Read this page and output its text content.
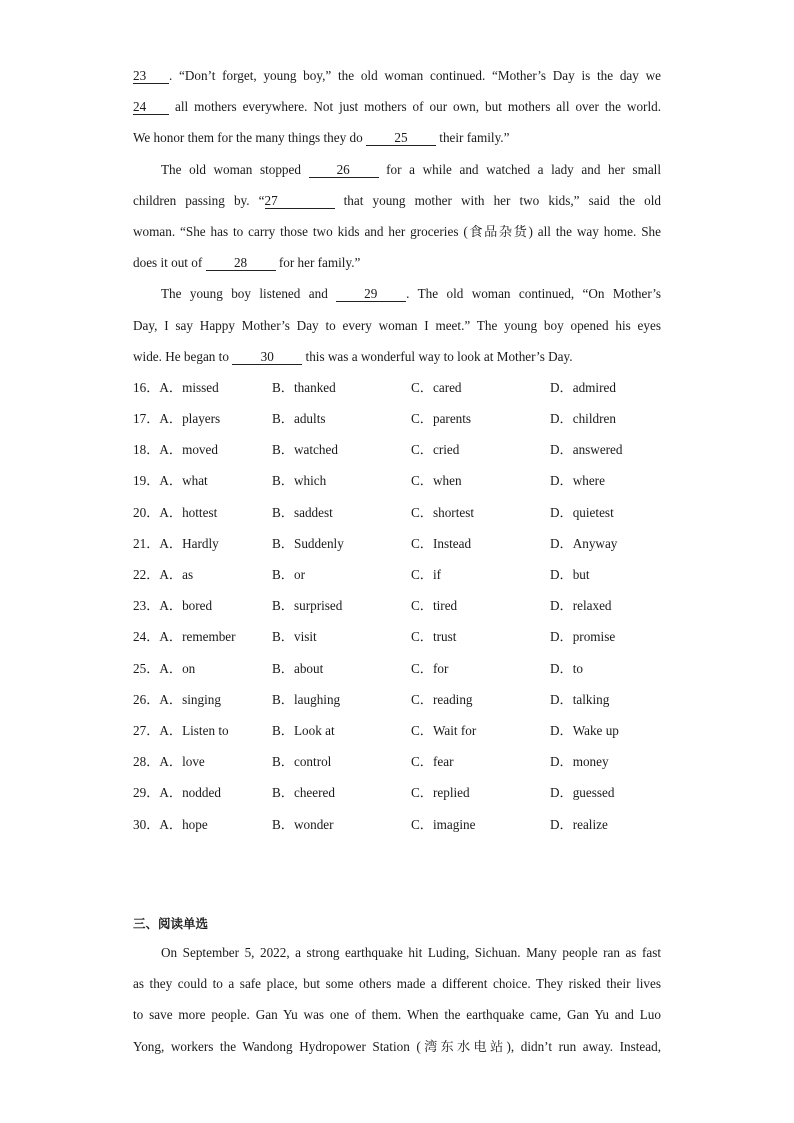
23 . “Don’t forget, young boy,” the old woman continued. “Mother’s Day is the day we
24 all mothers everywhere. Not just mothers of our own, but mothers all over the world.
We honor them for the many things they do 25 their family.”
The old woman stopped 26 for a while and watched a lady and her small
children passing by. “27	that young mother with her two kids,” said the old
woman. “She has to carry those two kids and her groceries (食品杂货) all the way home. She
does it out of 28 for her family.”
The young boy listened and 29 . The old woman continued, “On Mother’s
Day, I say Happy Mother’s Day to every woman I meet.” The young boy opened his eyes
wide. He began to 30 this was a wonderful way to look at Mother’s Day.
16．A．missed	B．thanked	C．cared	D．admired
17．A．players	B．adults	C．parents	D．children
18．A．moved	B．watched	C．cried	D．answered
19．A．what	B．which	C．when	D．where
20．A．hottest	B．saddest	C．shortest	D．quietest
21．A．Hardly	B．Suddenly	C．Instead	D．Anyway
22．A．as	B．or	C．if	D．but
23．A．bored	B．surprised	C．tired	D．relaxed
24．A．remember	B．visit	C．trust	D．promise
25．A．on	B．about	C．for	D．to
26．A．singing	B．laughing	C．reading	D．talking
27．A．Listen to	B．Look at	C．Wait for	D．Wake up
28．A．love	B．control	C．fear	D．money
29．A．nodded	B．cheered	C．replied	D．guessed
30．A．hope	B．wonder	C．imagine	D．realize
三、阅读单选
On September 5, 2022, a strong earthquake hit Luding, Sichuan. Many people ran as fast
as they could to a safe place, but some others made a different choice. They risked their lives
to save more people. Gan Yu was one of them. When the earthquake came, Gan Yu and Luo
Yong, workers the Wandong Hydropower Station (湾东水电站), didn’t run away. Instead,
